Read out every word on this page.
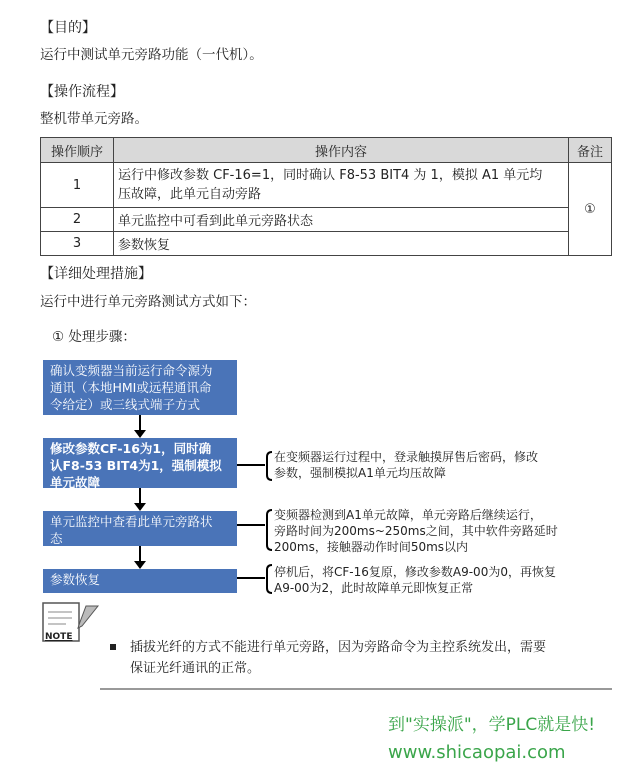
【目的】
运行中测试单元旁路功能（一代机）。
【操作流程】
整机带单元旁路。
操作顺序	操作内容	备注
1	运行中修改参数 CF-16=1，同时确认 F8-53 BIT4 为 1，模拟 A1 单元均
压故障，此单元自动旁路	①
2	单元监控中可看到此单元旁路状态	
3	参数恢复	
【详细处理措施】
运行中进行单元旁路测试方式如下：
① 处理步骤：
确认变频器当前运行命令源为
通讯（本地HMI或远程通讯命
令给定）或三线式端子方式
修改参数CF-16为1，同时确
认F8-53 BIT4为1，强制模拟
单元故障
单元监控中查看此单元旁路状
态
参数恢复
在变频器运行过程中，登录触摸屏售后密码，修改
参数，强制模拟A1单元均压故障
变频器检测到A1单元故障，单元旁路后继续运行，
旁路时间为200ms~250ms之间，其中软件旁路延时
200ms，接触器动作时间50ms以内
停机后，将CF-16复原，修改参数A9-00为0，再恢复
A9-00为2，此时故障单元即恢复正常
NOTE
插拔光纤的方式不能进行单元旁路，因为旁路命令为主控系统发出，需要
保证光纤通讯的正常。
到"实操派"，学PLC就是快!
www.shicaopai.com
